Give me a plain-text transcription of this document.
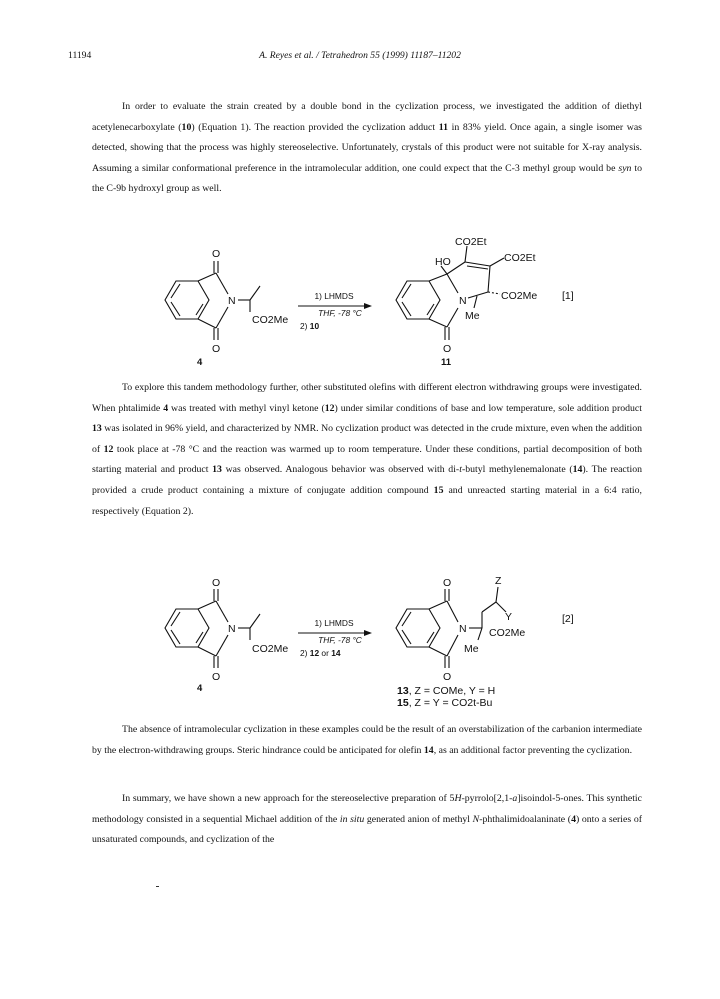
11194	A. Reyes et al. / Tetrahedron 55 (1999) 11187–11202

In order to evaluate the strain created by a double bond in the cyclization process, we investigated the addition of diethyl acetylenecarboxylate (10) (Equation 1). The reaction provided the cyclization adduct 11 in 83% yield. Once again, a single isomer was detected, showing that the process was highly stereoselective. Unfortunately, crystals of this product were not suitable for X-ray analysis. Assuming a similar conformational preference in the intramolecular addition, one could expect that the C-3 methyl group would be syn to the C-9b hydroxyl group as well.

O
O
N
CO2Me
4
1) LHMDS
THF, -78 °C
2) 10
CO2Et
HO	CO2Et
N	CO2Me
Me
O
11
[1]

To explore this tandem methodology further, other substituted olefins with different electron withdrawing groups were investigated. When phtalimide 4 was treated with methyl vinyl ketone (12) under similar conditions of base and low temperature, sole addition product 13 was isolated in 96% yield, and characterized by NMR. No cyclization product was detected in the crude mixture, even when the addition of 12 took place at -78 °C and the reaction was warmed up to room temperature. Under these conditions, partial decomposition of both starting material and product 13 was observed. Analogous behavior was observed with di-t-butyl methylenemalonate (14). The reaction provided a crude product containing a mixture of conjugate addition compound 15 and unreacted starting material in a 6:4 ratio, respectively (Equation 2).

O
O
N
CO2Me
4
1) LHMDS
THF, -78 °C
2) 12 or 14
O
O
N
Z
Y
CO2Me
Me
13, Z = COMe, Y = H
15, Z = Y = CO2t-Bu
[2]

The absence of intramolecular cyclization in these examples could be the result of an overstabilization of the carbanion intermediate by the electron-withdrawing groups. Steric hindrance could be anticipated for olefin 14, as an additional factor preventing the cyclization.

In summary, we have shown a new approach for the stereoselective preparation of 5H-pyrrolo[2,1-a]isoindol-5-ones. This synthetic methodology consisted in a sequential Michael addition of the in situ generated anion of methyl N-phthalimidoalaninate (4) onto a series of unsaturated compounds, and cyclization of the
